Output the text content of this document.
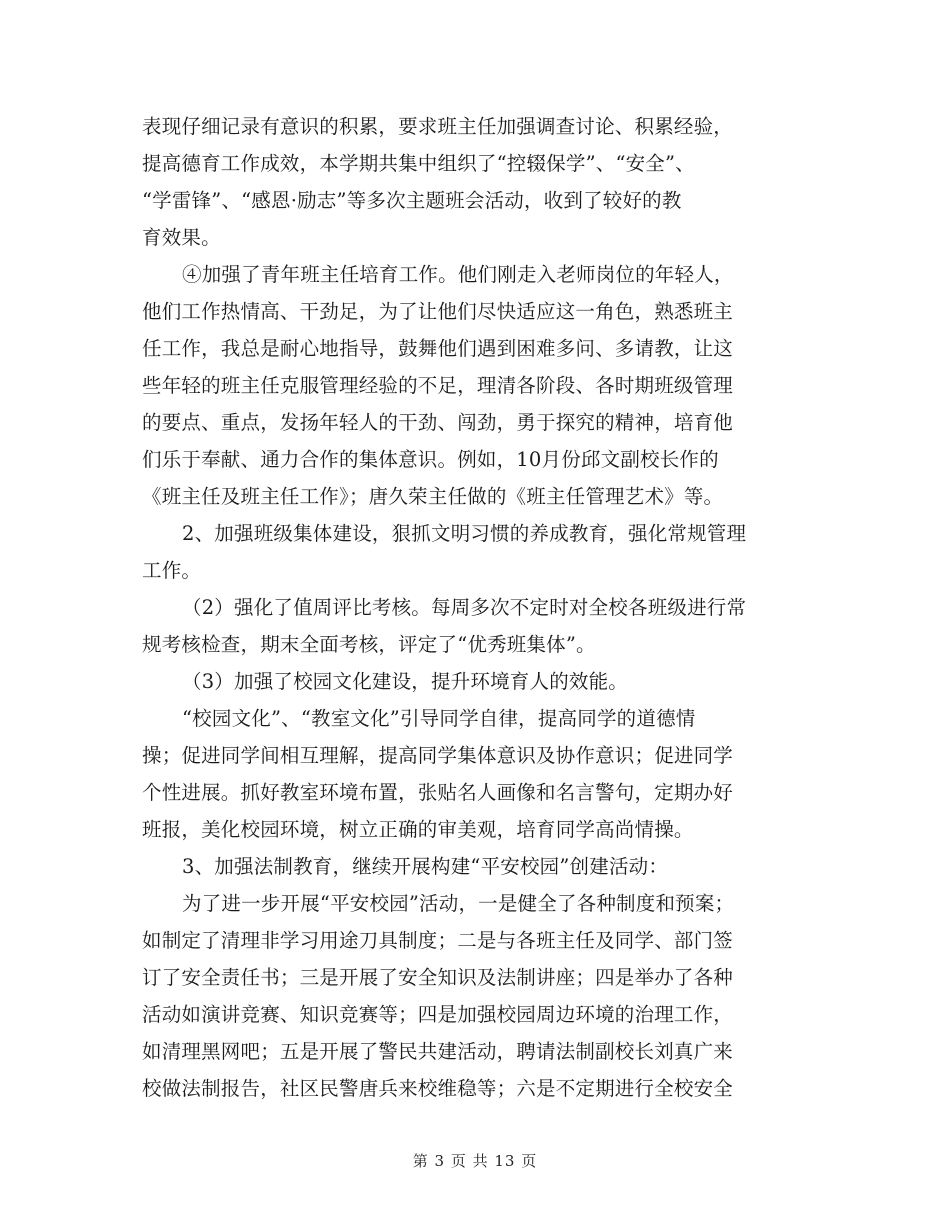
表现仔细记录有意识的积累，要求班主任加强调查讨论、积累经验，
提高德育工作成效，本学期共集中组织了“控辍保学”、“安全”、
“学雷锋”、“感恩·励志”等多次主题班会活动，收到了较好的教
育效果。
④加强了青年班主任培育工作。他们刚走入老师岗位的年轻人，
他们工作热情高、干劲足，为了让他们尽快适应这一角色，熟悉班主
任工作，我总是耐心地指导，鼓舞他们遇到困难多问、多请教，让这
些年轻的班主任克服管理经验的不足，理清各阶段、各时期班级管理
的要点、重点，发扬年轻人的干劲、闯劲，勇于探究的精神，培育他
们乐于奉献、通力合作的集体意识。例如，10月份邱文副校长作的
《班主任及班主任工作》；唐久荣主任做的《班主任管理艺术》等。
2、加强班级集体建设，狠抓文明习惯的养成教育，强化常规管理
工作。
（2）强化了值周评比考核。每周多次不定时对全校各班级进行常
规考核检查，期末全面考核，评定了“优秀班集体”。
（3）加强了校园文化建设，提升环境育人的效能。
“校园文化”、“教室文化”引导同学自律，提高同学的道德情
操；促进同学间相互理解，提高同学集体意识及协作意识；促进同学
个性进展。抓好教室环境布置，张贴名人画像和名言警句，定期办好
班报，美化校园环境，树立正确的审美观，培育同学高尚情操。
3、加强法制教育，继续开展构建“平安校园”创建活动：
为了进一步开展“平安校园”活动，一是健全了各种制度和预案；
如制定了清理非学习用途刀具制度；二是与各班主任及同学、部门签
订了安全责任书；三是开展了安全知识及法制讲座；四是举办了各种
活动如演讲竞赛、知识竞赛等；四是加强校园周边环境的治理工作，
如清理黑网吧；五是开展了警民共建活动，聘请法制副校长刘真广来
校做法制报告，社区民警唐兵来校维稳等；六是不定期进行全校安全
第 3 页 共 13 页
